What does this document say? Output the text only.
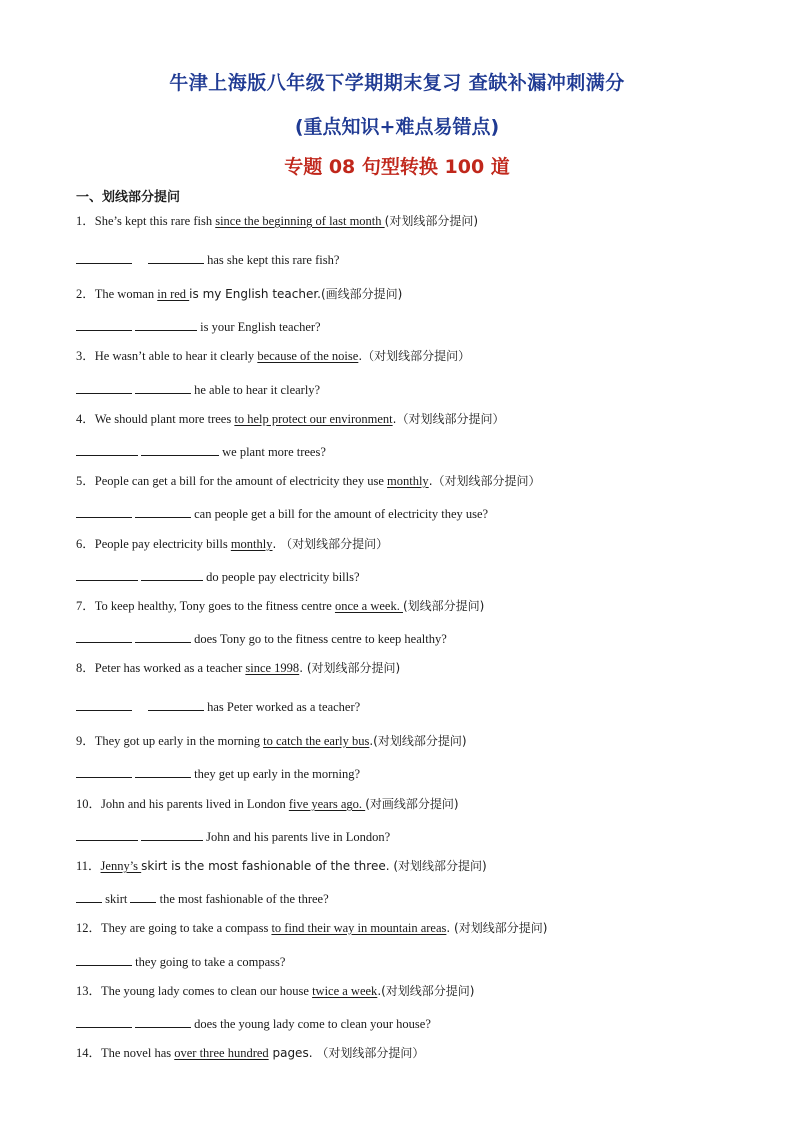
牛津上海版八年级下学期期末复习 查缺补漏冲刺满分
(重点知识+难点易错点)
专题 08 句型转换 100 道
一、划线部分提问
1．She’s kept this rare fish since the beginning of last month (对划线部分提问)
has she kept this rare fish?
2．The woman in red is my English teacher.(画线部分提问)
is your English teacher?
3．He wasn’t able to hear it clearly because of the noise.（对划线部分提问）
he able to hear it clearly?
4．We should plant more trees to help protect our environment.（对划线部分提问）
we plant more trees?
5．People can get a bill for the amount of electricity they use monthly.（对划线部分提问）
can people get a bill for the amount of electricity they use?
6．People pay electricity bills monthly. （对划线部分提问）
do people pay electricity bills?
7．To keep healthy, Tony goes to the fitness centre once a week. (划线部分提问)
does Tony go to the fitness centre to keep healthy?
8．Peter has worked as a teacher since 1998. (对划线部分提问)
has Peter worked as a teacher?
9．They got up early in the morning to catch the early bus.(对划线部分提问)
they get up early in the morning?
10．John and his parents lived in London five years ago. (对画线部分提问)
John and his parents live in London?
11．Jenny’s skirt is the most fashionable of the three. (对划线部分提问)
skirt  the most fashionable of the three?
12．They are going to take a compass to find their way in mountain areas. (对划线部分提问)
they going to take a compass?
13．The young lady comes to clean our house twice a week.(对划线部分提问)
does the young lady come to clean your house?
14．The novel has over three hundred pages. （对划线部分提问）
